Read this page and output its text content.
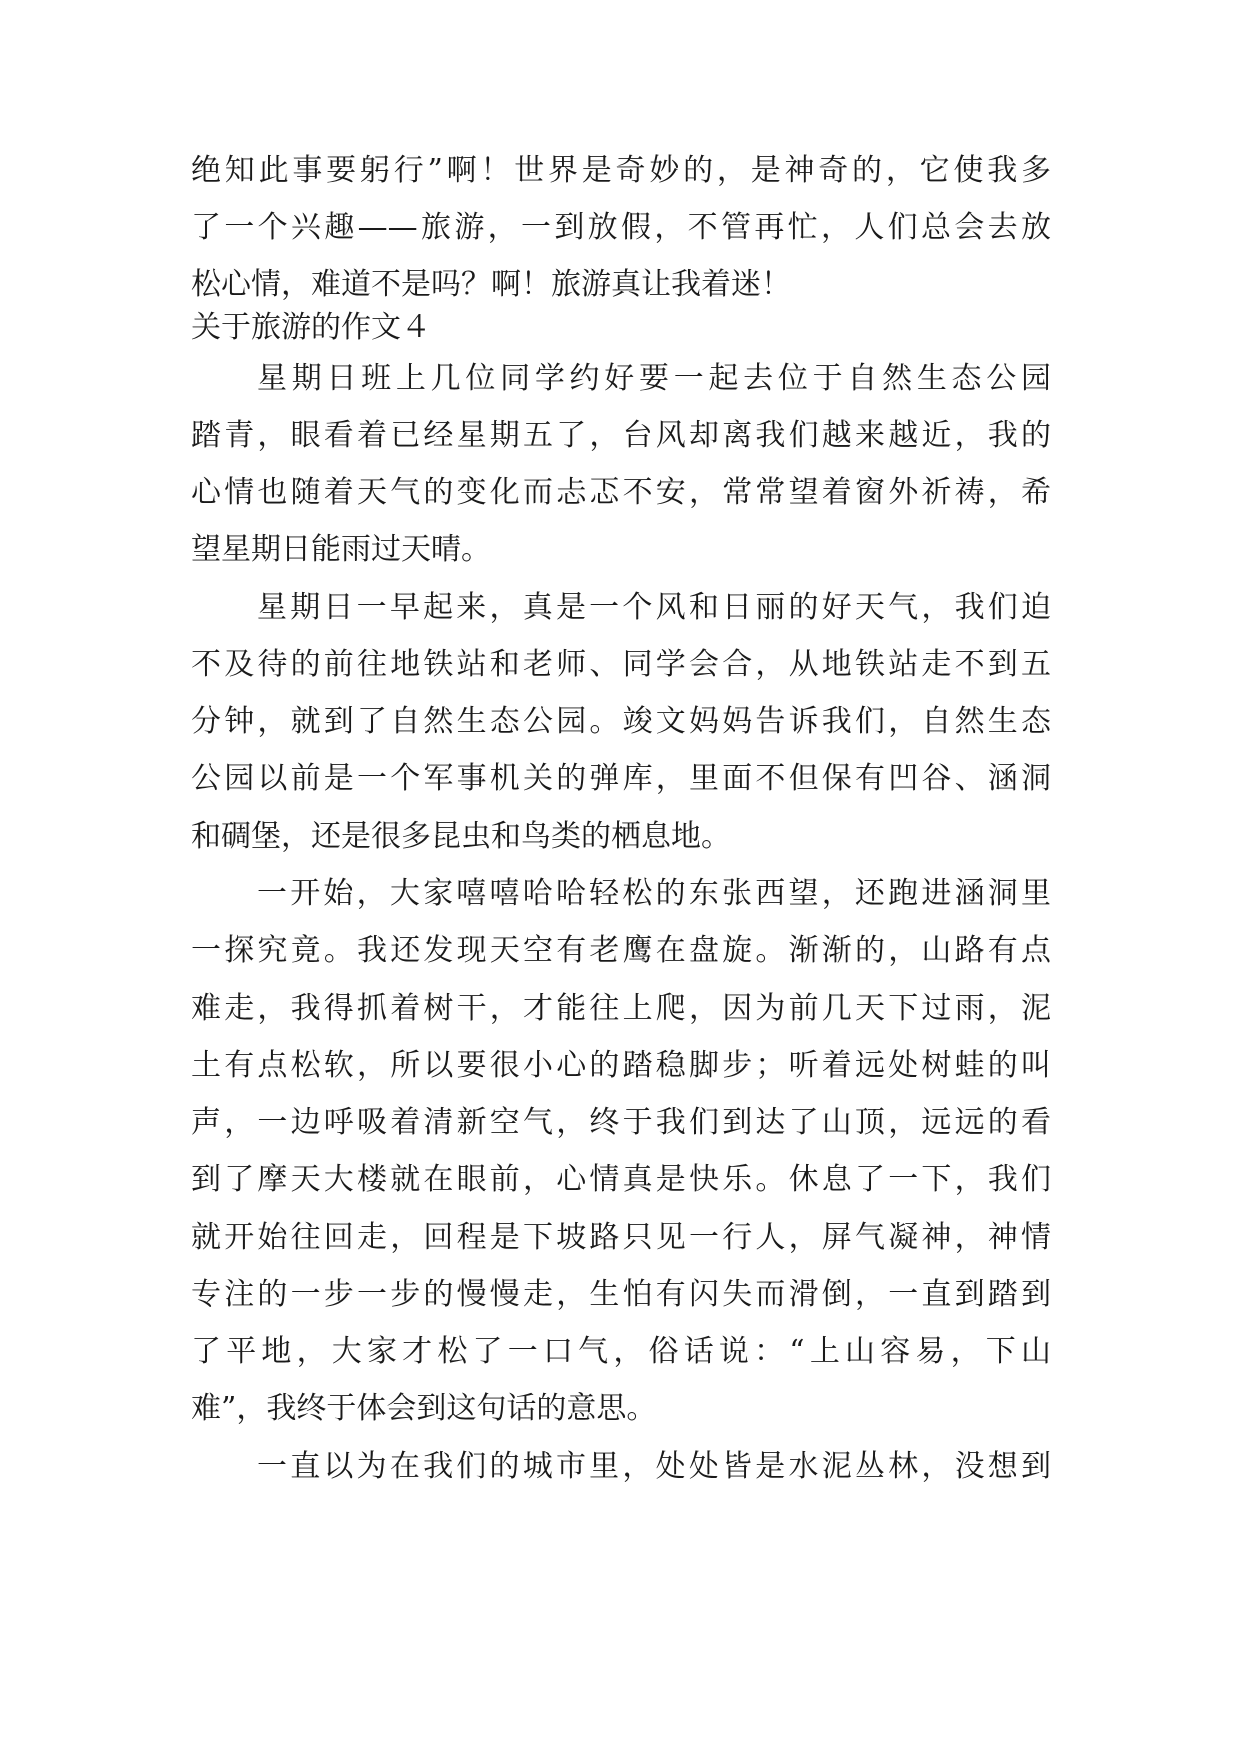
绝知此事要躬行”啊！世界是奇妙的，是神奇的，它使我多
了一个兴趣——旅游，一到放假，不管再忙，人们总会去放
松心情，难道不是吗？啊！旅游真让我着迷！
关于旅游的作文４
星期日班上几位同学约好要一起去位于自然生态公园
踏青，眼看着已经星期五了，台风却离我们越来越近，我的
心情也随着天气的变化而忐忑不安，常常望着窗外祈祷，希
望星期日能雨过天晴。
星期日一早起来，真是一个风和日丽的好天气，我们迫
不及待的前往地铁站和老师、同学会合，从地铁站走不到五
分钟，就到了自然生态公园。竣文妈妈告诉我们，自然生态
公园以前是一个军事机关的弹库，里面不但保有凹谷、涵洞
和碉堡，还是很多昆虫和鸟类的栖息地。
一开始，大家嘻嘻哈哈轻松的东张西望，还跑进涵洞里
一探究竟。我还发现天空有老鹰在盘旋。渐渐的，山路有点
难走，我得抓着树干，才能往上爬，因为前几天下过雨，泥
土有点松软，所以要很小心的踏稳脚步；听着远处树蛙的叫
声，一边呼吸着清新空气，终于我们到达了山顶，远远的看
到了摩天大楼就在眼前，心情真是快乐。休息了一下，我们
就开始往回走，回程是下坡路只见一行人，屏气凝神，神情
专注的一步一步的慢慢走，生怕有闪失而滑倒，一直到踏到
了平地，大家才松了一口气，俗话说：“上山容易，下山
难”，我终于体会到这句话的意思。
一直以为在我们的城市里，处处皆是水泥丛林，没想到
